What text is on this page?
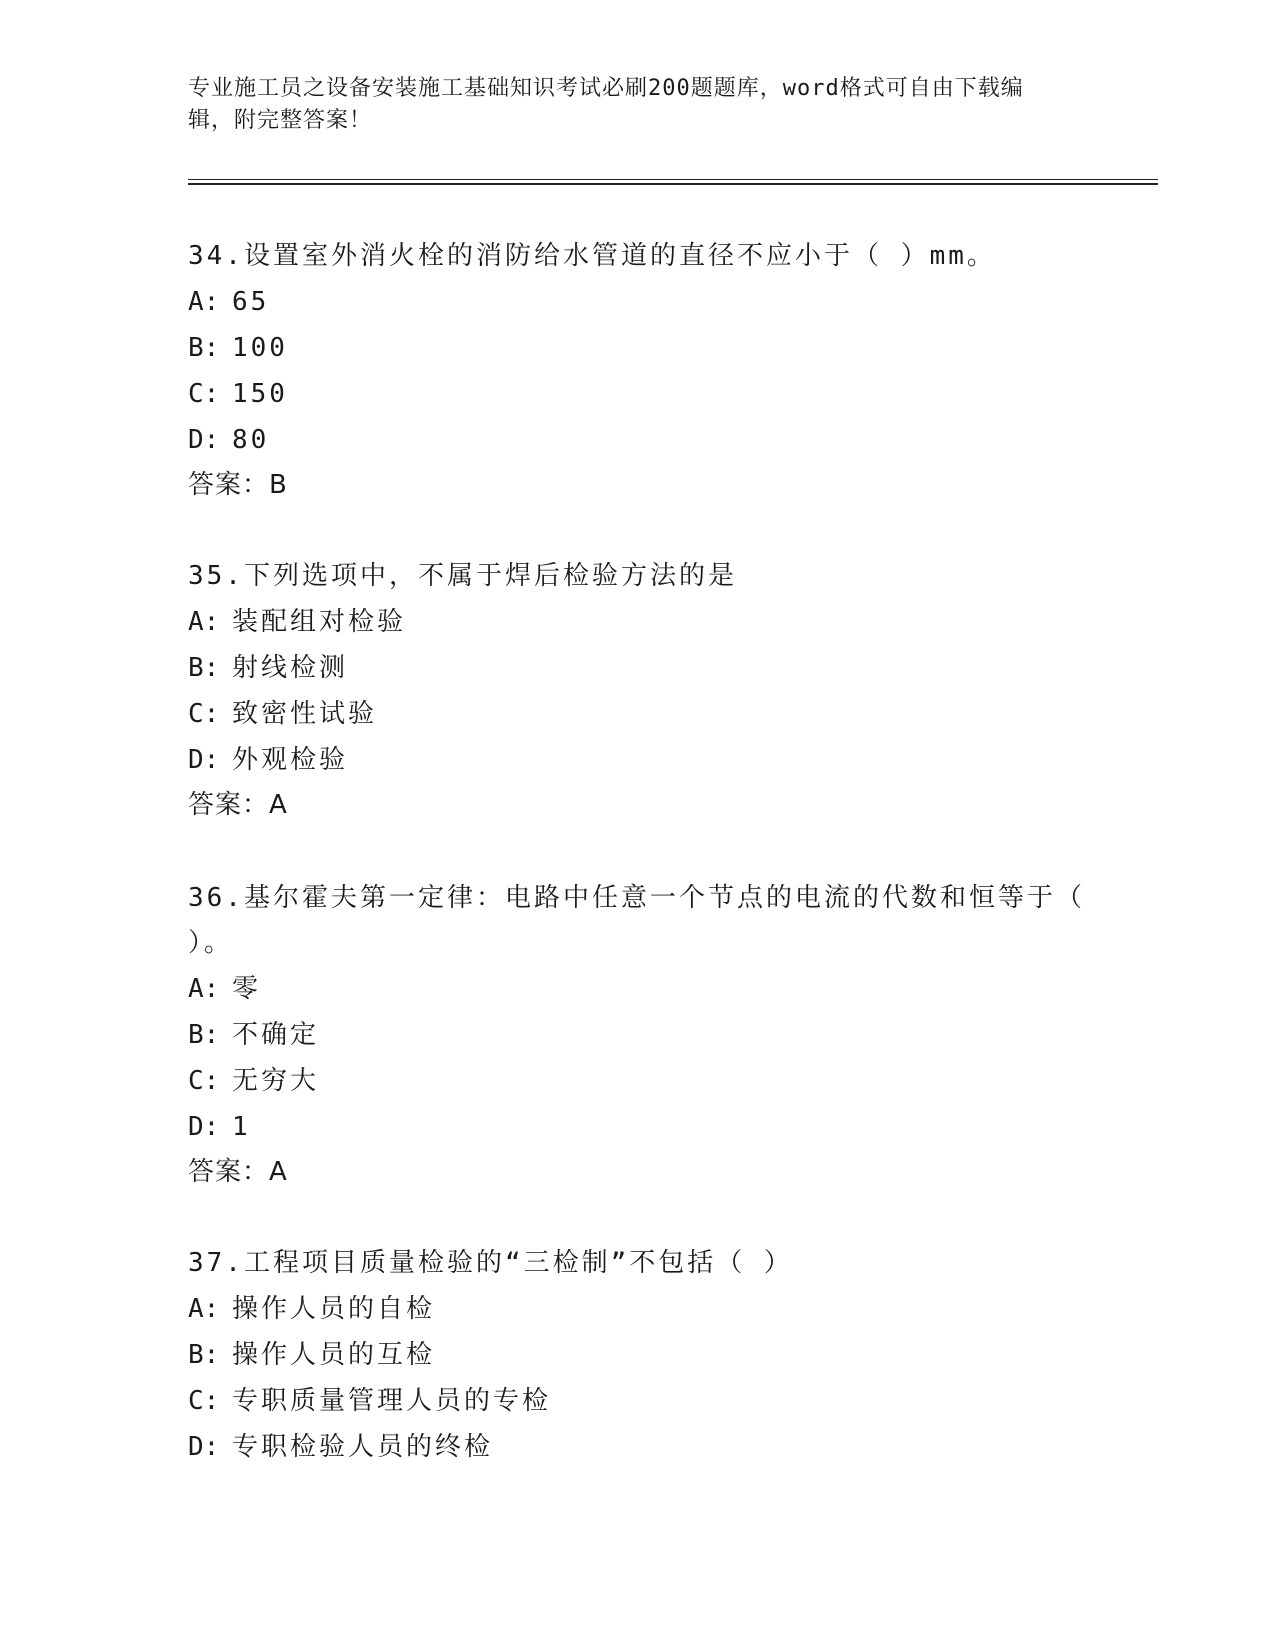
专业施工员之设备安装施工基础知识考试必刷200题题库，word格式可自由下载编辑，附完整答案！

34.设置室外消火栓的消防给水管道的直径不应小于（ ）mm。

A: 65

B: 100

C: 150

D: 80

答案：B

35.下列选项中，不属于焊后检验方法的是

A: 装配组对检验

B: 射线检测

C: 致密性试验

D: 外观检验

答案：A

36.基尔霍夫第一定律：电路中任意一个节点的电流的代数和恒等于（ ）。

A: 零

B: 不确定

C: 无穷大

D: 1

答案：A

37.工程项目质量检验的“三检制”不包括（ ）

A: 操作人员的自检

B: 操作人员的互检

C: 专职质量管理人员的专检

D: 专职检验人员的终检
